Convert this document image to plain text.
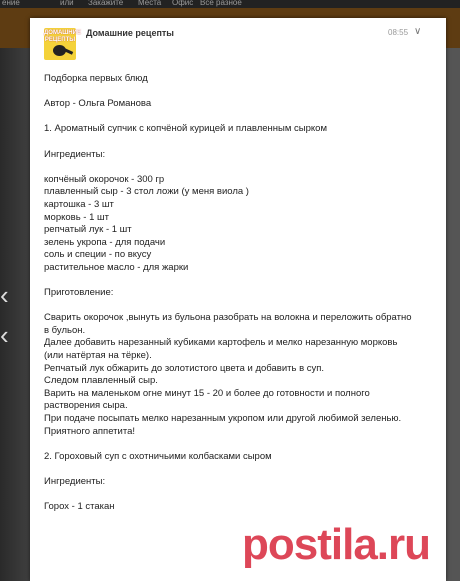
ение	или Закажите Места Офис Всё разное
‹
‹
ДОМАШНИЕ РЕЦЕПТЫ
Домашние рецепты	08:55 ∨
Подборка первых блюд
Автор - Ольга Романова
1. Ароматный супчик с копчёной курицей и плавленным сырком
Ингредиенты:
копчёный окорочок - 300 гр
плавленный сыр - 3 стол ложи (у меня виола )
картошка - 3 шт
морковь - 1 шт
репчатый лук - 1 шт
зелень укропа - для подачи
соль и специи - по вкусу
растительное масло - для жарки
Приготовление:
Сварить окорочок ,вынуть из бульона разобрать на волокна и переложить обратно
в бульон.
Далее добавить нарезанный кубиками картофель и мелко нарезанную морковь
(или натёртая на тёрке).
Репчатый лук обжарить до золотистого цвета и добавить в суп.
Следом плавленный сыр.
Варить на маленьком огне минут 15 - 20 и более до готовности и полного
растворения сыра.
При подаче посыпать мелко нарезанным укропом или другой любимой зеленью.
Приятного аппетита!
2. Гороховый суп с охотничьими колбасками сыром
Ингредиенты:
Горох - 1 стакан
postila.ru
